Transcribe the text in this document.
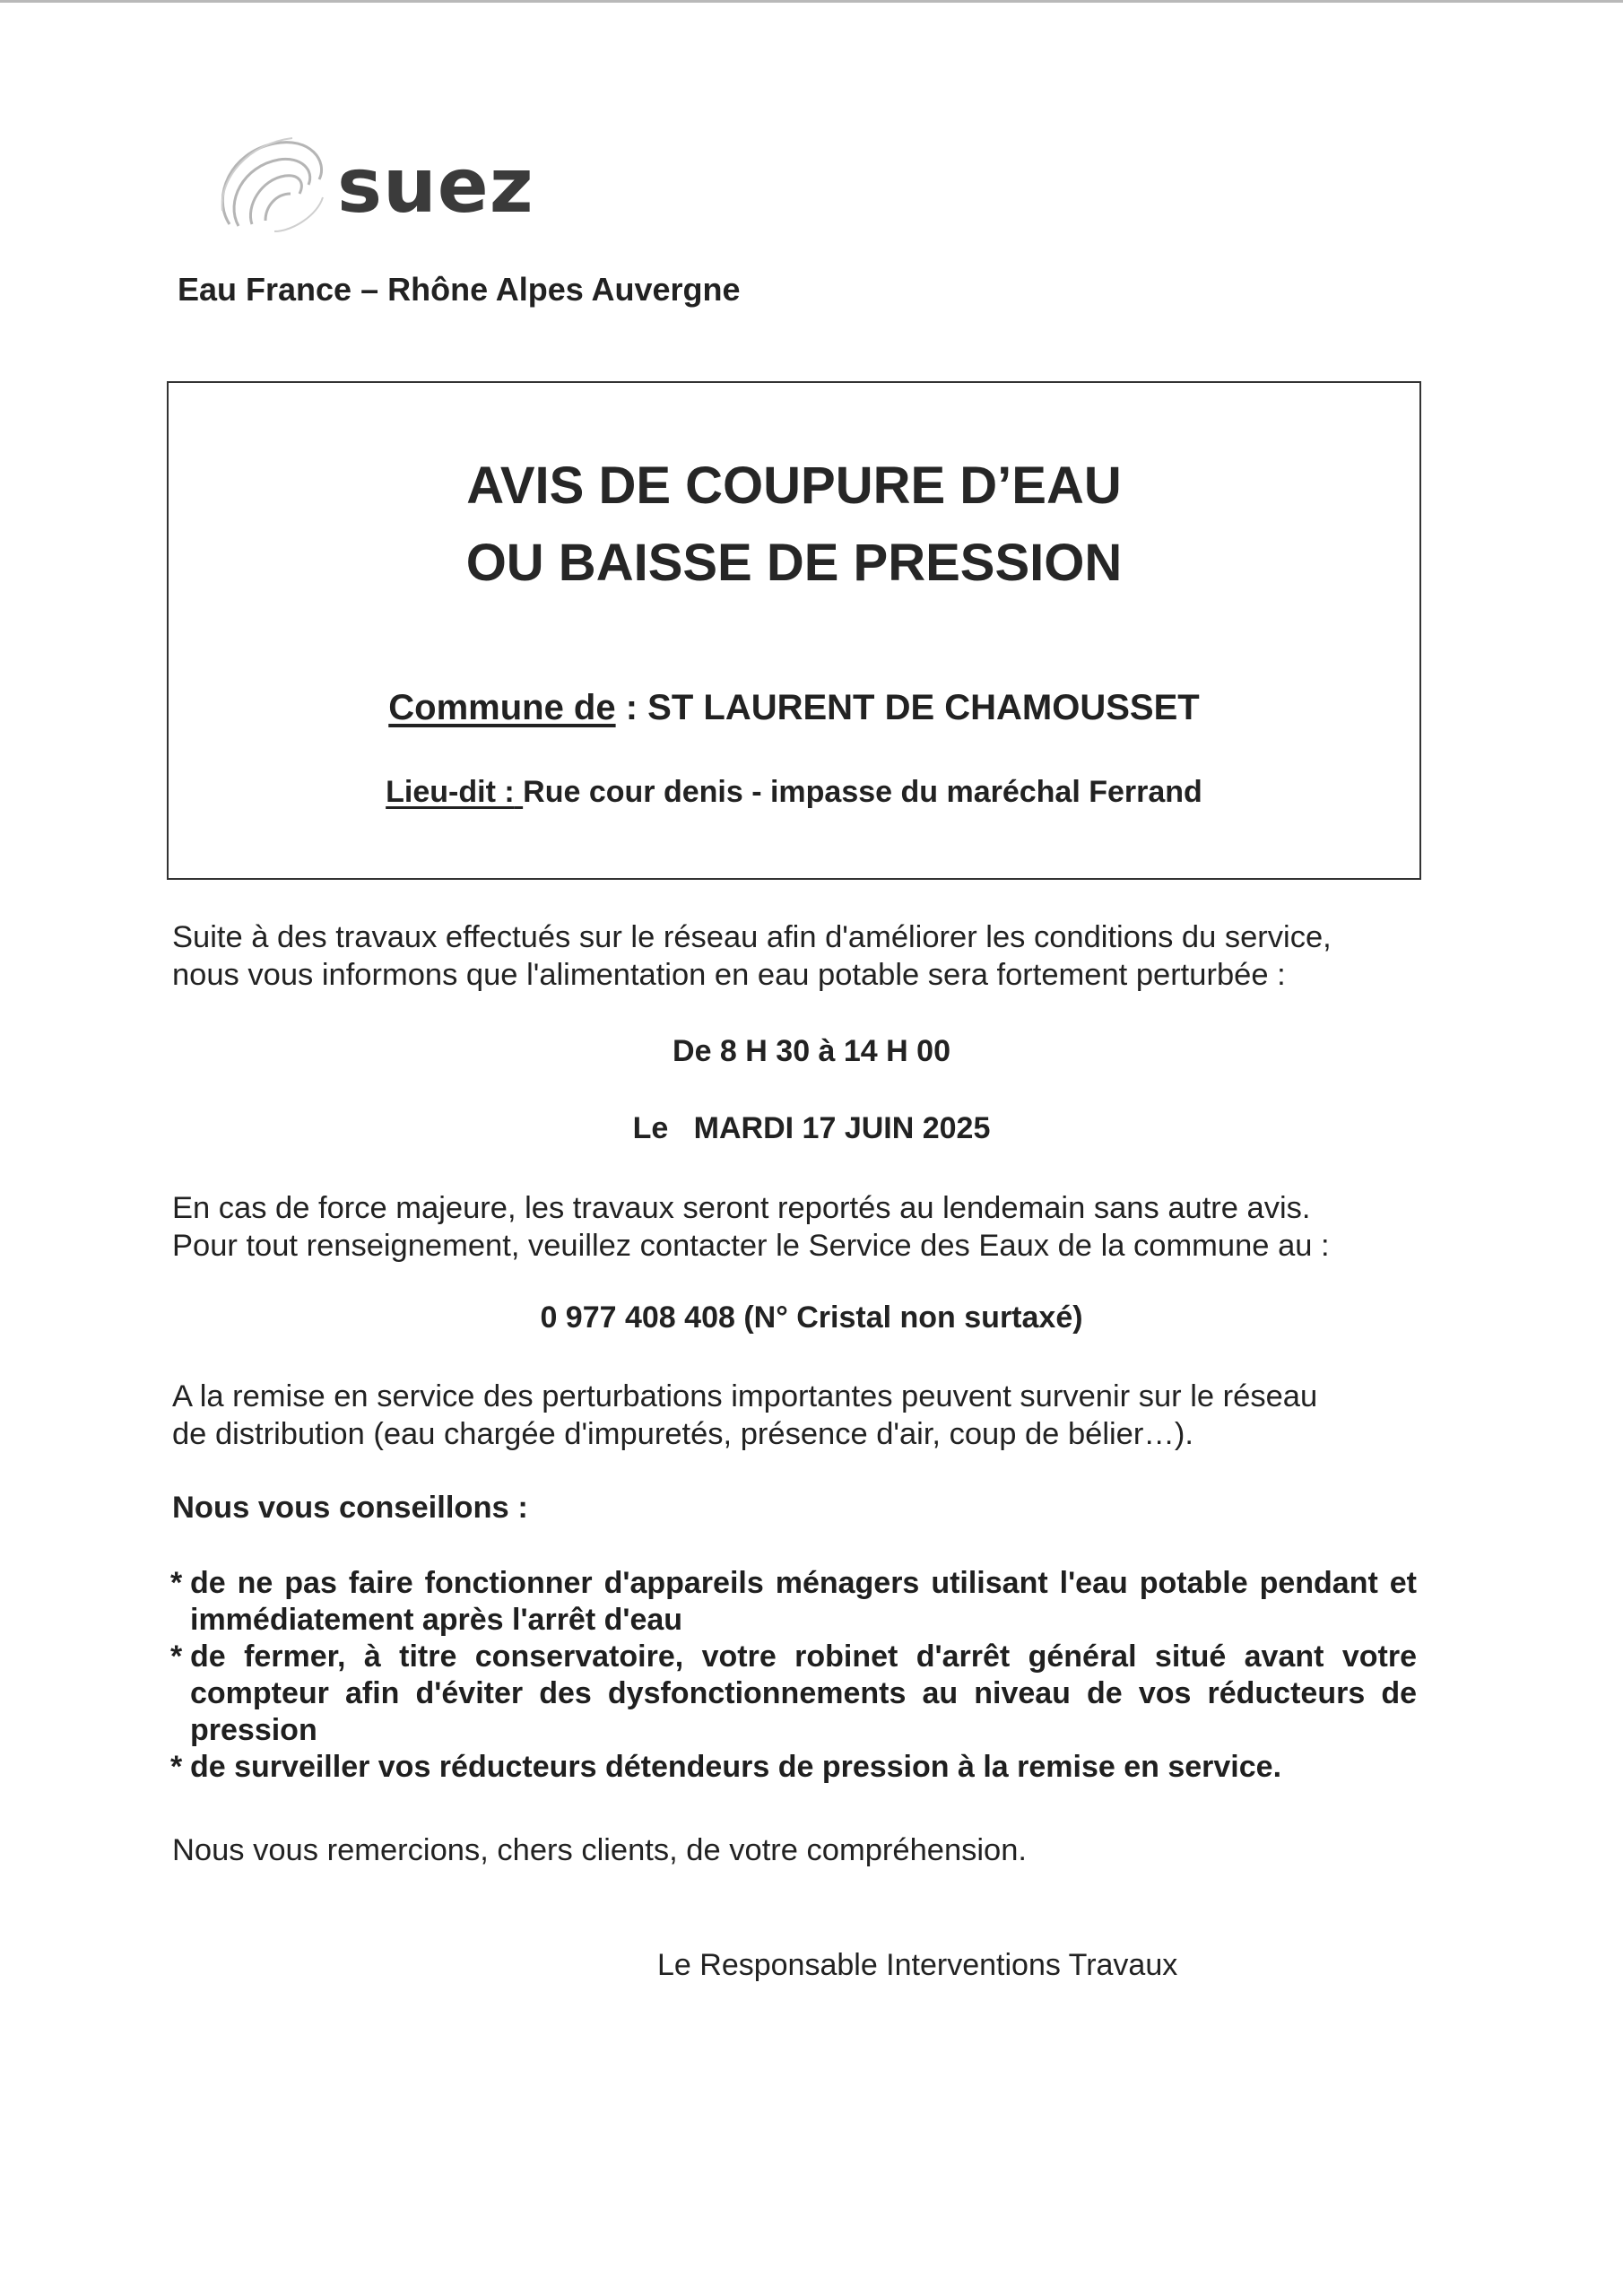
suez
Eau France – Rhône Alpes Auvergne
AVIS DE COUPURE D’EAU
OU BAISSE DE PRESSION
Commune de : ST LAURENT DE CHAMOUSSET
Lieu-dit : Rue cour denis - impasse du maréchal Ferrand
Suite à des travaux effectués sur le réseau afin d'améliorer les conditions du service,
nous vous informons que l'alimentation en eau potable sera fortement perturbée :
De 8 H 30 à 14 H 00
Le MARDI 17 JUIN 2025
En cas de force majeure, les travaux seront reportés au lendemain sans autre avis.
Pour tout renseignement, veuillez contacter le Service des Eaux de la commune au :
0 977 408 408 (N° Cristal non surtaxé)
A la remise en service des perturbations importantes peuvent survenir sur le réseau
de distribution (eau chargée d'impuretés, présence d'air, coup de bélier…).
Nous vous conseillons :
* de ne pas faire fonctionner d'appareils ménagers utilisant l'eau potable pendant et immédiatement après l'arrêt d'eau
* de fermer, à titre conservatoire, votre robinet d'arrêt général situé avant votre compteur afin d'éviter des dysfonctionnements au niveau de vos réducteurs de pression
* de surveiller vos réducteurs détendeurs de pression à la remise en service.
Nous vous remercions, chers clients, de votre compréhension.
Le Responsable Interventions Travaux
